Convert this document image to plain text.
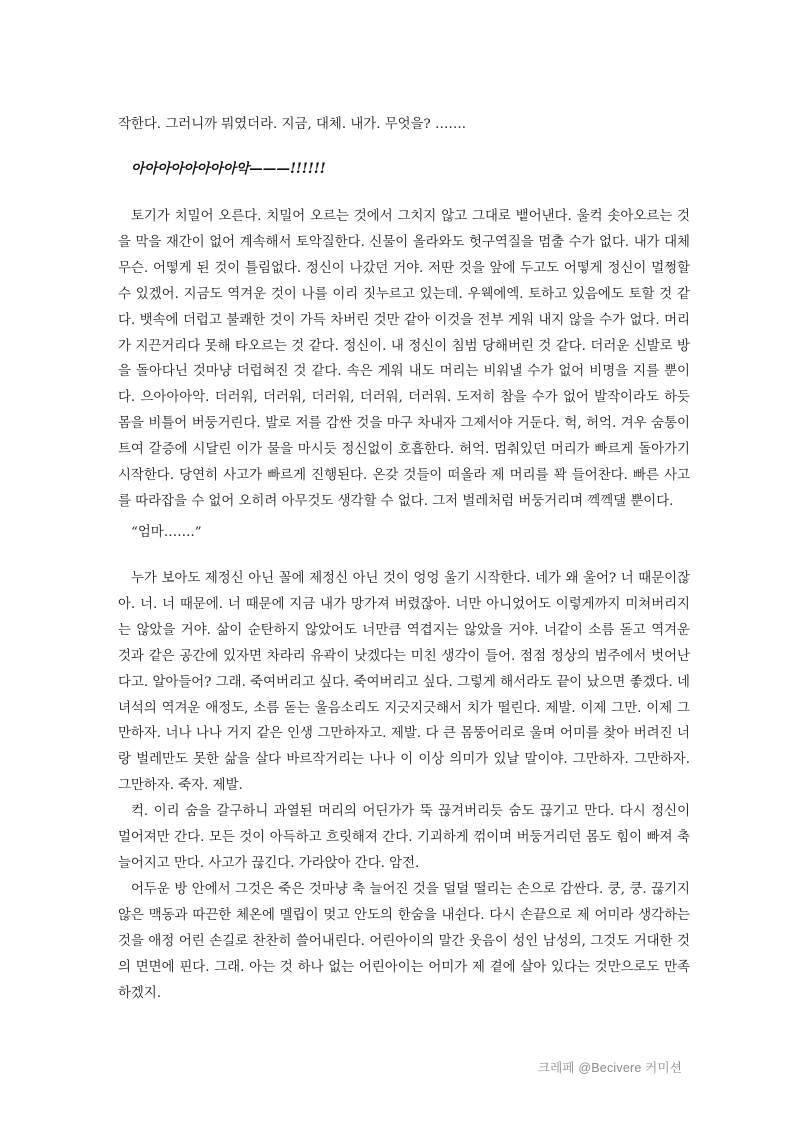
작한다. 그러니까 뭐였더라. 지금, 대체. 내가. 무엇을? …….

아아아아아아아아악———!!!!!!

토기가 치밀어 오른다. 치밀어 오르는 것에서 그치지 않고 그대로 뱉어낸다. 울컥 솟아오르는 것을 막을 재간이 없어 계속해서 토악질한다. 신물이 올라와도 헛구역질을 멈출 수가 없다. 내가 대체 무슨. 어떻게 된 것이 틀림없다. 정신이 나갔던 거야. 저딴 것을 앞에 두고도 어떻게 정신이 멀쩡할 수 있겠어. 지금도 역겨운 것이 나를 이리 짓누르고 있는데. 우웩에엑. 토하고 있음에도 토할 것 같다. 뱃속에 더럽고 불쾌한 것이 가득 차버린 것만 같아 이것을 전부 게워 내지 않을 수가 없다. 머리가 지끈거리다 못해 타오르는 것 같다. 정신이. 내 정신이 침범 당해버린 것 같다. 더러운 신발로 방을 돌아다닌 것마냥 더럽혀진 것 같다. 속은 게워 내도 머리는 비워낼 수가 없어 비명을 지를 뿐이다. 으아아아악. 더러워, 더러워, 더러워, 더러워, 더러워. 도저히 참을 수가 없어 발작이라도 하듯 몸을 비틀어 버둥거린다. 발로 저를 감싼 것을 마구 차내자 그제서야 거둔다. 헉, 허억. 겨우 숨통이 트여 갈증에 시달린 이가 물을 마시듯 정신없이 호흡한다. 허억. 멈춰있던 머리가 빠르게 돌아가기 시작한다. 당연히 사고가 빠르게 진행된다. 온갖 것들이 떠올라 제 머리를 꽉 들어찬다. 빠른 사고를 따라잡을 수 없어 오히려 아무것도 생각할 수 없다. 그저 벌레처럼 버둥거리며 껙껙댈 뿐이다.

“엄마…….”

누가 보아도 제정신 아닌 꼴에 제정신 아닌 것이 엉엉 울기 시작한다. 네가 왜 울어? 너 때문이잖아. 너. 너 때문에. 너 때문에 지금 내가 망가져 버렸잖아. 너만 아니었어도 이렇게까지 미쳐버리지는 않았을 거야. 삶이 순탄하지 않았어도 너만큼 역겹지는 않았을 거야. 너같이 소름 돋고 역겨운 것과 같은 공간에 있자면 차라리 유곽이 낫겠다는 미친 생각이 들어. 점점 정상의 범주에서 벗어난다고. 알아들어? 그래. 죽여버리고 싶다. 죽여버리고 싶다. 그렇게 해서라도 끝이 났으면 좋겠다. 네 녀석의 역겨운 애정도, 소름 돋는 울음소리도 지긋지긋해서 치가 떨린다. 제발. 이제 그만. 이제 그만하자. 너나 나나 거지 같은 인생 그만하자고. 제발. 다 큰 몸뚱어리로 울며 어미를 찾아 버려진 너랑 벌레만도 못한 삶을 살다 바르작거리는 나나 이 이상 의미가 있날 말이야. 그만하자. 그만하자. 그만하자. 죽자. 제발.

컥. 이리 숨을 갈구하니 과열된 머리의 어딘가가 뚝 끊겨버리듯 숨도 끊기고 만다. 다시 정신이 멀어져만 간다. 모든 것이 아득하고 흐릿해져 간다. 기괴하게 꺾이며 버둥거리던 몸도 힘이 빠져 축 늘어지고 만다. 사고가 끊긴다. 가라앉아 간다. 암전.

어두운 방 안에서 그것은 죽은 것마냥 축 늘어진 것을 덜덜 떨리는 손으로 감싼다. 쿵, 쿵. 끊기지 않은 맥동과 따끈한 체온에 멜립이 멎고 안도의 한숨을 내쉰다. 다시 손끝으로 제 어미라 생각하는 것을 애정 어린 손길로 찬찬히 쓸어내린다. 어린아이의 말간 웃음이 성인 남성의, 그것도 거대한 것의 면면에 핀다. 그래. 아는 것 하나 없는 어린아이는 어미가 제 곁에 살아 있다는 것만으로도 만족하겠지.

크레페 @Becivere 커미션
